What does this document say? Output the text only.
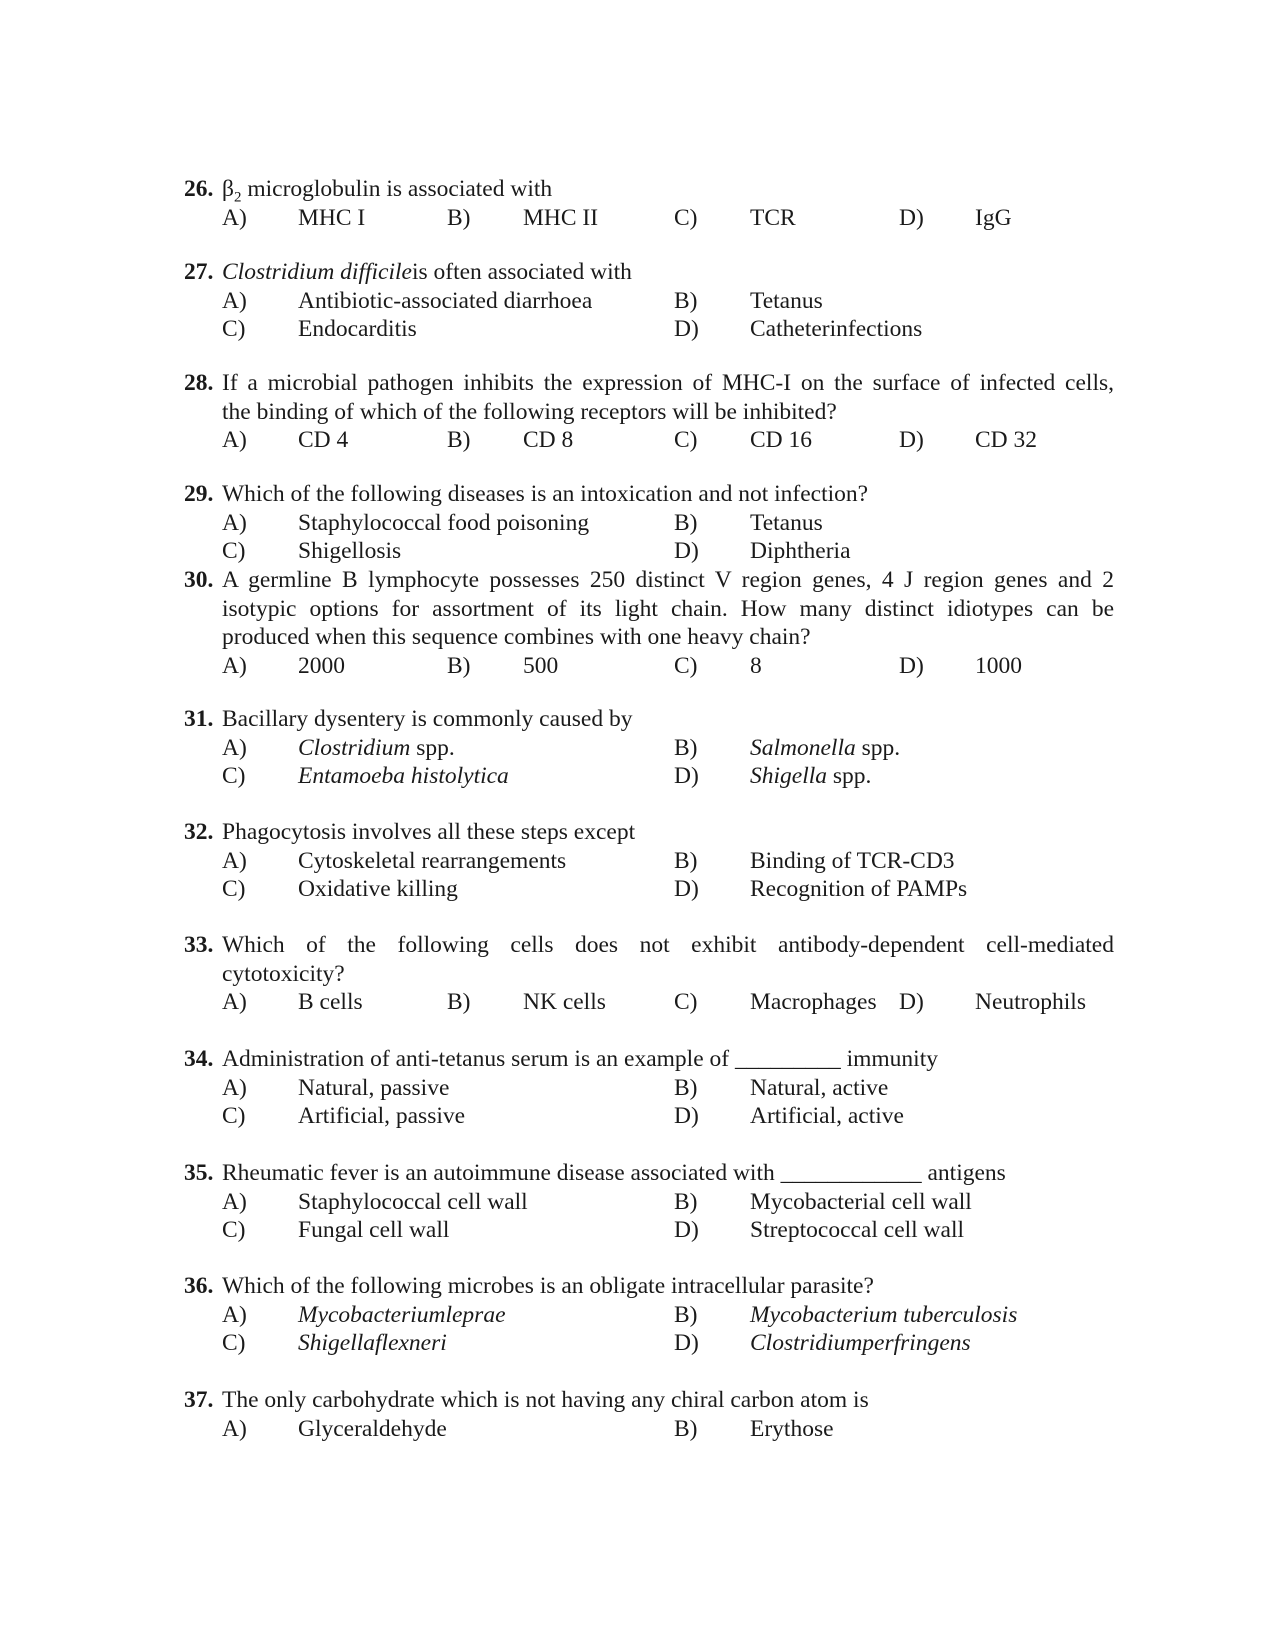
26. $\beta_2$ microglobulin is associated with
A) MHC I	B) MHC II	C) TCR	D) IgG
27. Clostridium difficileis often associated with
A) Antibiotic-associated diarrhoea	B) Tetanus
C) Endocarditis	D) Catheterinfections
28. If a microbial pathogen inhibits the expression of MHC-I on the surface of infected cells,
the binding of which of the following receptors will be inhibited?
A) CD 4	B) CD 8	C) CD 16	D) CD 32
29. Which of the following diseases is an intoxication and not infection?
A) Staphylococcal food poisoning	B) Tetanus
C) Shigellosis	D) Diphtheria
30. A germline B lymphocyte possesses 250 distinct V region genes, 4 J region genes and 2
isotypic options for assortment of its light chain. How many distinct idiotypes can be
produced when this sequence combines with one heavy chain?
A) 2000	B) 500	C) 8	D) 1000
31. Bacillary dysentery is commonly caused by
A) Clostridium spp.	B) Salmonella spp.
C) Entamoeba histolytica	D) Shigella spp.
32. Phagocytosis involves all these steps except
A) Cytoskeletal rearrangements	B) Binding of TCR-CD3
C) Oxidative killing	D) Recognition of PAMPs
33. Which of the following cells does not exhibit antibody-dependent cell-mediated
cytotoxicity?
A) B cells	B) NK cells	C) Macrophages D) Neutrophils
34. Administration of anti-tetanus serum is an example of _________ immunity
A) Natural, passive	B) Natural, active
C) Artificial, passive	D) Artificial, active
35. Rheumatic fever is an autoimmune disease associated with ____________ antigens
A) Staphylococcal cell wall	B) Mycobacterial cell wall
C) Fungal cell wall	D) Streptococcal cell wall
36. Which of the following microbes is an obligate intracellular parasite?
A) Mycobacteriumleprae	B) Mycobacterium tuberculosis
C) Shigellaflexneri	D) Clostridiumperfringens
37. The only carbohydrate which is not having any chiral carbon atom is
A) Glyceraldehyde	B) Erythose
